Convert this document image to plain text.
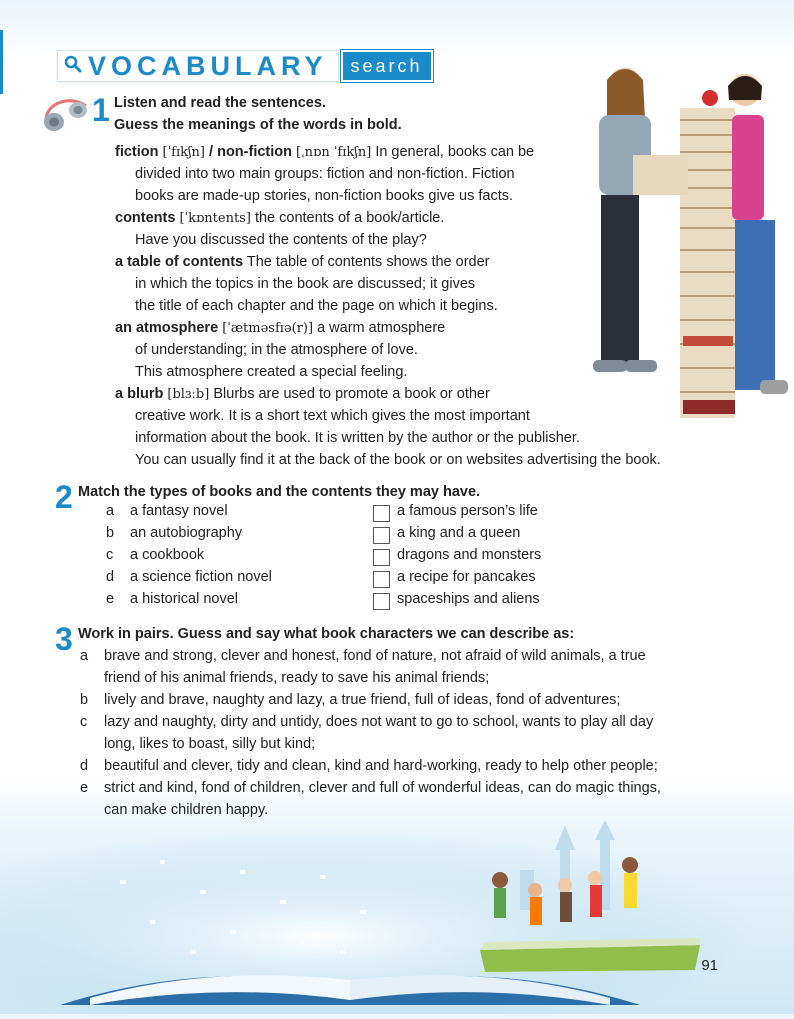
VOCABULARY	search
1 Listen and read the sentences.
Guess the meanings of the words in bold.
fiction [ˈfɪkʃn] / non-fiction [ˌnɒn ˈfɪkʃn] In general, books can be
divided into two main groups: fiction and non-fiction. Fiction
books are made-up stories, non-fiction books give us facts.
contents [ˈkɒntents] the contents of a book/article.
Have you discussed the contents of the play?
a table of contents The table of contents shows the order
in which the topics in the book are discussed; it gives
the title of each chapter and the page on which it begins.
an atmosphere [ˈætməsfɪə(r)] a warm atmosphere
of understanding; in the atmosphere of love.
This atmosphere created a special feeling.
a blurb [blɜːb] Blurbs are used to promote a book or other
creative work. It is a short text which gives the most important
information about the book. It is written by the author or the publisher.
You can usually find it at the back of the book or on websites advertising the book.
2 Match the types of books and the contents they may have.
a a fantasy novel
b an autobiography
c a cookbook
d a science fiction novel
e a historical novel
a famous person’s life
a king and a queen
dragons and monsters
a recipe for pancakes
spaceships and aliens
3 Work in pairs. Guess and say what book characters we can describe as:
a brave and strong, clever and honest, fond of nature, not afraid of wild animals, a true
friend of his animal friends, ready to save his animal friends;
b lively and brave, naughty and lazy, a true friend, full of ideas, fond of adventures;
c lazy and naughty, dirty and untidy, does not want to go to school, wants to play all day
long, likes to boast, silly but kind;
d beautiful and clever, tidy and clean, kind and hard-working, ready to help other people;
e strict and kind, fond of children, clever and full of wonderful ideas, can do magic things,
can make children happy.
91
